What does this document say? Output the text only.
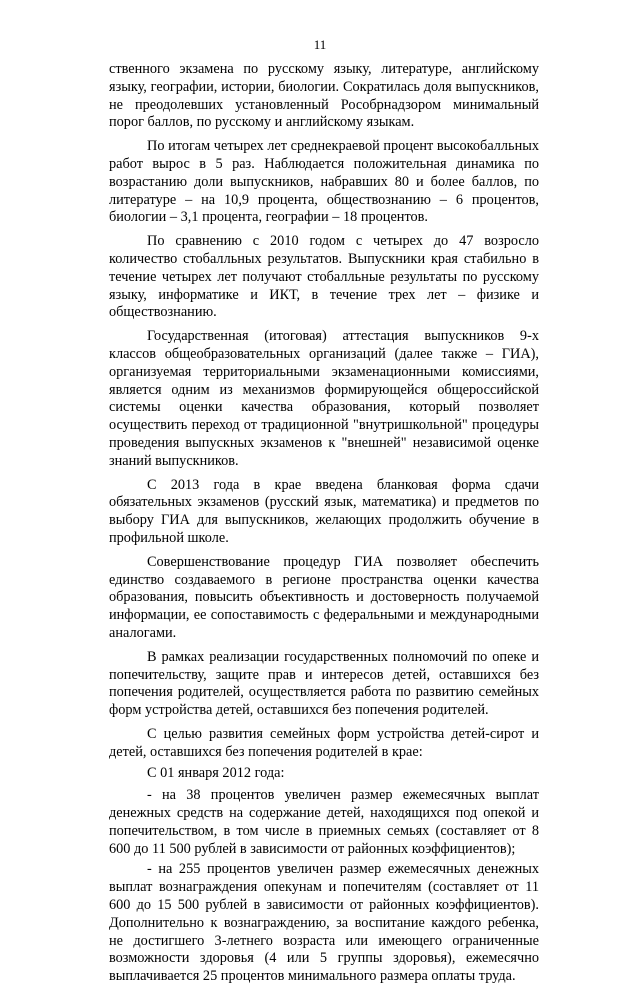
11

ственного экзамена по русскому языку, литературе, английскому языку, географии, истории, биологии. Сократилась доля выпускников, не преодолевших установленный Рособрнадзором минимальный порог баллов, по русскому и английскому языкам.

По итогам четырех лет среднекраевой процент высокобалльных работ вырос в 5 раз. Наблюдается положительная динамика по возрастанию доли выпускников, набравших 80 и более баллов, по литературе – на 10,9 процента, обществознанию – 6 процентов, биологии – 3,1 процента, географии – 18 процентов.

По сравнению с 2010 годом с четырех до 47 возросло количество стобалльных результатов. Выпускники края стабильно в течение четырех лет получают стобалльные результаты по русскому языку, информатике и ИКТ, в течение трех лет – физике и обществознанию.

Государственная (итоговая) аттестация выпускников 9-х классов общеобразовательных организаций (далее также – ГИА), организуемая территориальными экзаменационными комиссиями, является одним из механизмов формирующейся общероссийской системы оценки качества образования, который позволяет осуществить переход от традиционной "внутришкольной" процедуры проведения выпускных экзаменов к "внешней" независимой оценке знаний выпускников.

С 2013 года в крае введена бланковая форма сдачи обязательных экзаменов (русский язык, математика) и предметов по выбору ГИА для выпускников, желающих продолжить обучение в профильной школе.

Совершенствование процедур ГИА позволяет обеспечить единство создаваемого в регионе пространства оценки качества образования, повысить объективность и достоверность получаемой информации, ее сопоставимость с федеральными и международными аналогами.

В рамках реализации государственных полномочий по опеке и попечительству, защите прав и интересов детей, оставшихся без попечения родителей, осуществляется работа по развитию семейных форм устройства детей, оставшихся без попечения родителей.

С целью развития семейных форм устройства детей-сирот и детей, оставшихся без попечения родителей в крае:

С 01 января 2012 года:

- на 38 процентов увеличен размер ежемесячных выплат денежных средств на содержание детей, находящихся под опекой и попечительством, в том числе в приемных семьях (составляет от 8 600 до 11 500 рублей в зависимости от районных коэффициентов);

- на 255 процентов увеличен размер ежемесячных денежных выплат вознаграждения опекунам и попечителям (составляет от 11 600 до 15 500 рублей в зависимости от районных коэффициентов). Дополнительно к вознаграждению, за воспитание каждого ребенка, не достигшего 3-летнего возраста или имеющего ограниченные возможности здоровья (4 или 5 группы здоровья), ежемесячно выплачивается 25 процентов минимального размера оплаты труда.
